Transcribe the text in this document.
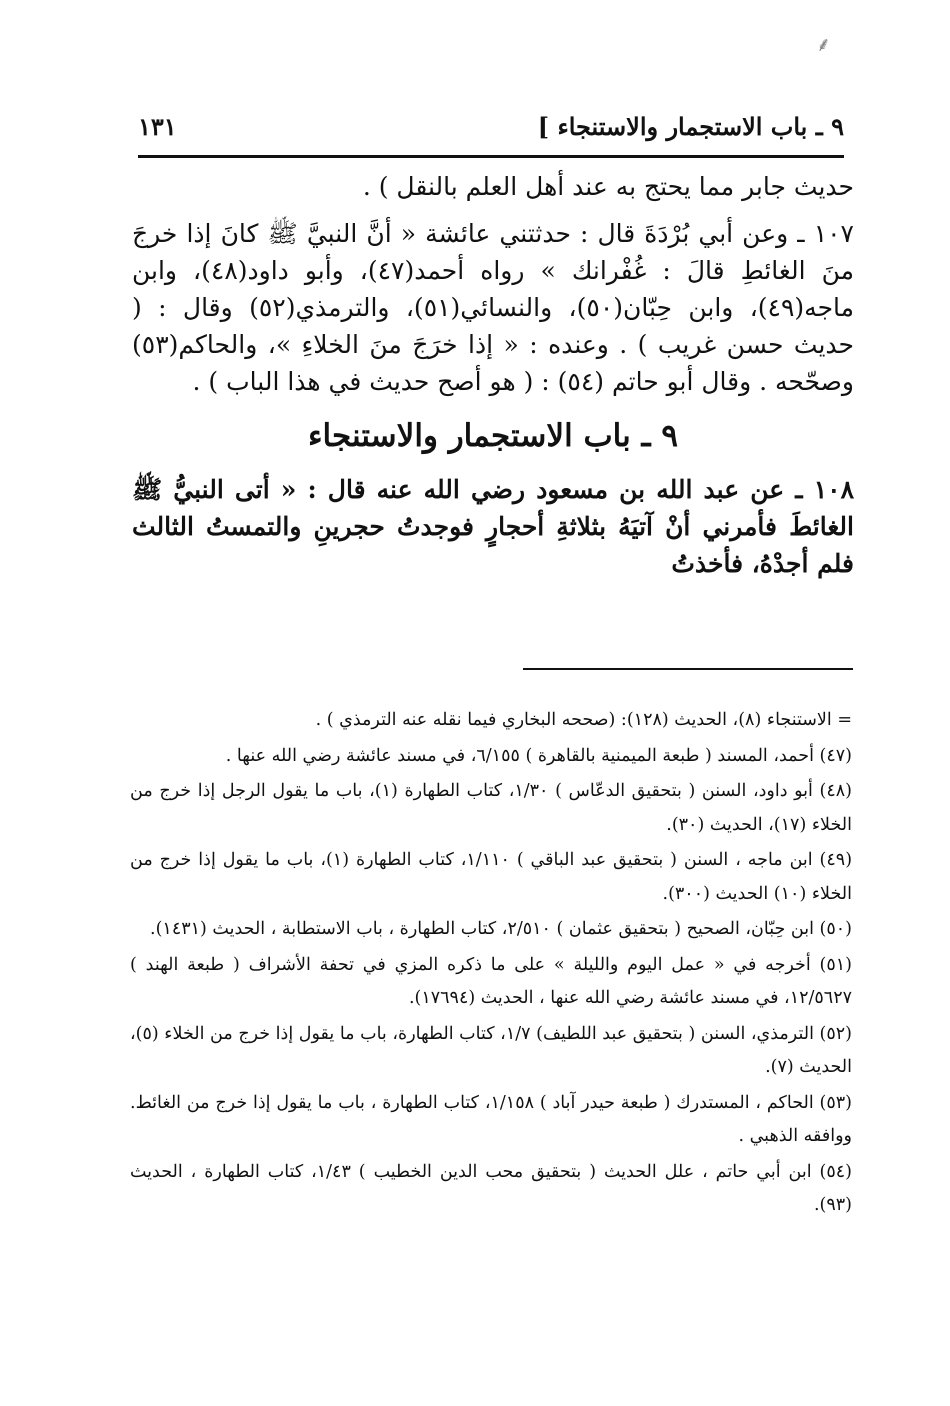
⸙
٩ ـ باب الاستجمار والاستنجاء ]
١٣١

حديث جابر مما يحتج به عند أهل العلم بالنقل ) .

١٠٧ ـ وعن أبي بُرْدَةَ قال : حدثتني عائشة « أنَّ النبيَّ ﷺ كانَ إذا خرجَ منَ الغائطِ قالَ : غُفْرانك » رواه أحمد(٤٧)، وأبو داود(٤٨)، وابن ماجه(٤٩)، وابن حِبّان(٥٠)، والنسائي(٥١)، والترمذي(٥٢) وقال : ( حديث حسن غريب ) . وعنده : « إذا خرَجَ منَ الخلاءِ »، والحاكم(٥٣) وصحّحه . وقال أبو حاتم (٥٤) : ( هو أصح حديث في هذا الباب ) .

٩ ـ باب الاستجمار والاستنجاء

١٠٨ ـ عن عبد الله بن مسعود رضي الله عنه قال : « أتى النبيُّ ﷺ الغائطَ فأمرني أنْ آتيَهُ بثلاثةِ أحجارٍ فوجدتُ حجرينِ والتمستُ الثالث فلم أجدْهُ، فأخذتُ

= الاستنجاء (٨)، الحديث (١٢٨): (صححه البخاري فيما نقله عنه الترمذي ) .
(٤٧) أحمد، المسند ( طبعة الميمنية بالقاهرة ) ٦/١٥٥، في مسند عائشة رضي الله عنها .
(٤٨) أبو داود، السنن ( بتحقيق الدعّاس ) ١/٣٠، كتاب الطهارة (١)، باب ما يقول الرجل إذا خرج من الخلاء (١٧)، الحديث (٣٠).
(٤٩) ابن ماجه ، السنن ( بتحقيق عبد الباقي ) ١/١١٠، كتاب الطهارة (١)، باب ما يقول إذا خرج من الخلاء (١٠) الحديث (٣٠٠).
(٥٠) ابن حِبّان، الصحيح ( بتحقيق عثمان ) ٢/٥١٠، كتاب الطهارة ، باب الاستطابة ، الحديث (١٤٣١).
(٥١) أخرجه في « عمل اليوم والليلة » على ما ذكره المزي في تحفة الأشراف ( طبعة الهند ) ١٢/٥٦٢٧، في مسند عائشة رضي الله عنها ، الحديث (١٧٦٩٤).
(٥٢) الترمذي، السنن ( بتحقيق عبد اللطيف) ١/٧، كتاب الطهارة، باب ما يقول إذا خرج من الخلاء (٥)، الحديث (٧).
(٥٣) الحاكم ، المستدرك ( طبعة حيدر آباد ) ١/١٥٨، كتاب الطهارة ، باب ما يقول إذا خرج من الغائط. ووافقه الذهبي .
(٥٤) ابن أبي حاتم ، علل الحديث ( بتحقيق محب الدين الخطيب ) ١/٤٣، كتاب الطهارة ، الحديث (٩٣).
